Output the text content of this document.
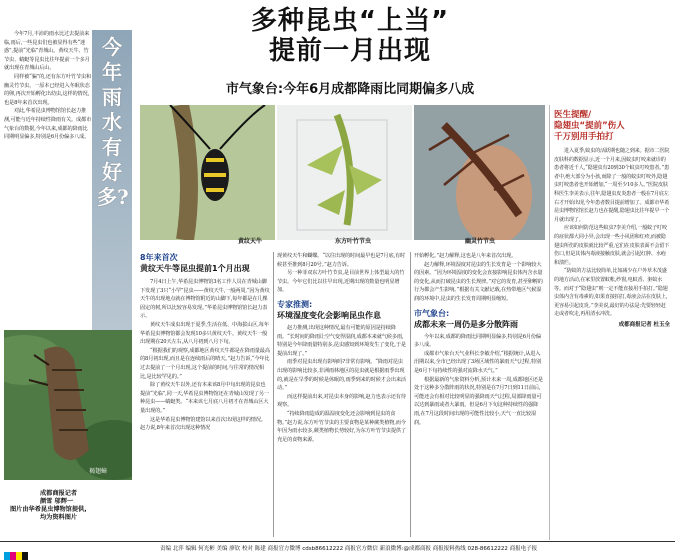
多种昆虫“上当”
提前一月出现
市气象台:今年6月成都降雨比同期偏多八成

今年7月,丰沛的雨水比过去提前来临,雨后,一些昆虫们也被显得有些“迷惑”,提前“光临”青城山。黄纹天牛、竹节虫、蜻蜓等昆虫比往年提前一个多月就出现在青城山后山。

同样被“骗”的,还有东方叶竹节虫和幽灵竹节虫。一原本已经进入冬眠状态的卵,再次开始孵化出幼虫,这样的情况,也是8年来首次出现。

对此,华希昆虫博物馆馆长赵力推测,可能与近年持续性降雨有关。成都市气象台的数据,今年以来,成都的降雨比同期明显偏多,特别是6月份偏多八成。

今年雨水有好多?
褐翅蟑
成都商报记者
颜雪 邬辉一
图片由华希昆虫博物馆提供,
均为资料图片
黄纹天牛	东方叶竹节虫	幽灵竹节虫
8年来首次
黄纹天牛等昆虫提前1个月出现

7月4日上午,华希昆虫博物馆3名工作人员在青城山脚下发现了3只“小罕”昆虫——黄纹天牛,一般两周,“因为黄纹天牛的出现地点就在博物馆附近的山脚下,每年都是在几棵固定的树,所以比较容易发现。”华希昆虫博物馆馆长赵力表示。

黄纹天牛成虫出现于夏季,生活在低、中海拔山区,每年华希昆虫博物馆都会发现10多只黄纹天牛。黄纹天牛一般出现期在20天左右,从八月初到八月下旬。

“根据我们的观察,成都地区黄纹天牛都是在降雨量最高的8月初出现,而且是在连续雨后的晴天。”赵力告诉,“今年比过去提前了一个月出现,这个提前的时间,与往常的情况相比,是比较罕见的。”

除了黄纹天牛以外,还有本来该8月中旬出现的昆虫也提前“光临”,同一天,华希昆虫博物馆还在青城山发现了另一种昆虫——蜻蜓类。“本来该七月底八月初才在青城山区大量出现的。”

这是华希昆虫博物馆建馆以来首次出现这样的情况。赵力说,8年来首次出现这种情况

现黄纹天牛和蝴蝶。“以往出现的时间最早也是7月底,有时候甚至推到8月20号。”赵力告诉。

另一种菲双东方叶竹节虫,是目前世界上体型最大的竹节虫。今年它们比以往早出现,近期出现的数量也明显增加。

专家推测:
环境湿度变化会影响昆虫作息

赵力推测,出现这种情况,最有可能的原因是持续降雨。“长时间的降雨让空气变得湿润,成都本来就气候多雨,特别是今年降雨量特别多,昆虫感知到环境发生了变化,于是提前出现了。”

雨季对昆虫出现有影响吗?非常有影响。“降雨对昆虫出现的影响比较多,非洲雨林地区的昆虫就是根据雨季出现的,就是在旱季的时候是休眠的,雨季到来的时候才会出来活动。”

而这样提前出来,对昆虫本身的影响,赵力也表示还有待观察。

“持续降雨造成的温湿度变化还会影响到昆虫的食物。”赵力说,东方叶竹节虫的主要食物是某种蕨类植物,而今年因为雨水较多,蕨类植物长势较好,为东方叶竹节虫提供了充足的食物来源。

开始孵化。”赵力解释,这也是八年来首次出现。

赵力解释,环境湿度对昆虫的生长发育是一个影响较大的因素。“因为环境湿度的变化会直接影响昆虫体内含水量的变化,从而打破昆虫的生长规律。”对它的发育,甚至卵孵的行为都会产生影响。”根据有关文献记载,在热带地区气候湿润的环境中,昆虫的生长发育周期明显缩短。

市气象台:
成都未来一周仍是多分散阵雨

今年以来,成都的降雨比同期明显偏多,特别是6月份偏多八成。

成都市气象台天气业科长李敏介绍,“根据统计,从进入汛期以来,全市已经出现了3场区域性的暴雨天气过程,特别是6月下旬持续性的强对流降水天气。”

根据最新的气象资料分析,预计未来一周,成都地区还是处于这种多分散阵雨的状况,特别是在7月7日到11日前后,可能还会有相对比较明显的强降雨天气过程,局部降雨量可以达到暴雨或者大暴雨。但是6月下旬这种持续性的强降雨,在7月这段时间出现的可能性比较小,天气一直比较湿润。

医生提醒/
隐翅虫“提前”伤人
千万别用手拍打

进入夏季,蚊虫的活跃期也随之到来。据市二医院皮肤科的数据显示,近一个月来,因蚊虫叮咬来就诊的患者将近千人,“隐翅虫有20到30个蚊虫叮咬患者。”患者中,绝大部分为小孩,而除了一般的蚊虫叮咬外,隐翅虫叮咬患者也开始增加,“一周至少10多人。”医院皮肤科医生李美表示,往年,隐翅虫皮炎患者一般在7月底左右才开始出现,今年患者数目提前增加了。成都市华希昆虫博物馆馆长赵力也在提醒,隐翅虫比往年提早一个月就出现了。

应该如何防范这些蚊虫?李美介绍,一般蚊子叮咬的症状都大同小异,会出现一些小风团和红疹,而被隐翅虫所伤的皮肤就比较严重,它们在皮肤表面不会留下伤口,但是其体内毒液接触皮肤,就会引起红肿、水疱和溃烂。

“防蚊的方法比较简单,比如减少在户外草木茂盛的地方活动,在家里放置蚊帐,纱窗,电蚊香、驱蚊水等。而对于“隐翅虫”则一定不能直接用手拍打。”隐翅虫体内含有毒素的,如果直接拍打,毒液会沾在皮肤上,更容易引起皮炎。”李美说,最好的办法是:先要轻轻赶走或者吹走,再用清水冲洗。

成都商报记者 杜玉全
责编 北萍 编辑 何光彬 美编 廖钦 校对 陈建 商报官方微博 cdsb86612222 商报官方微信 新浪微博:@成都商报 商报报料热线 028-86612222 商报电子报
